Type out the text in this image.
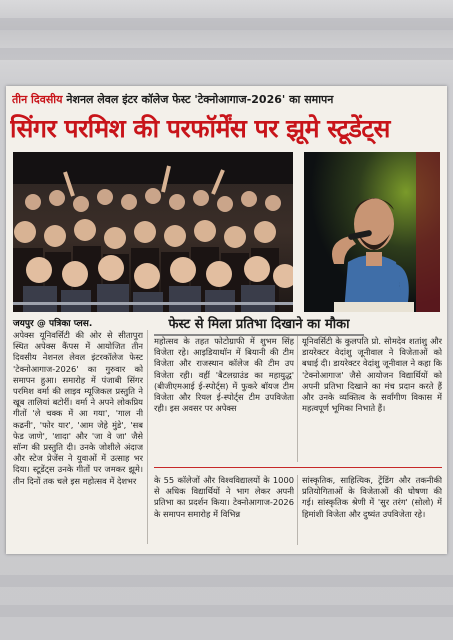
तीन दिवसीय नेशनल लेवल इंटर कॉलेज फेस्ट 'टेक्नोआगाज-2026' का समापन
सिंगर परमिश की परफॉर्मेंस पर झूमे स्टूडेंट्स
जयपुर @ पत्रिका प्लस.	फेस्ट से मिला प्रतिभा दिखाने का मौका

अपेक्स यूनिवर्सिटी की ओर से सीतापुरा स्थित अपेक्स कैंपस में आयोजित तीन दिवसीय नेशनल लेवल इंटरकॉलेज फेस्ट 'टेक्नोआगाज-2026' का गुरुवार को समापन हुआ। समारोह में पंजाबी सिंगर परमिश वर्मा की लाइव म्यूजिकल प्रस्तुति ने खूब तालियां बटोरीं। वर्मा ने अपने लोकप्रिय गीतों 'ले चक्क में आ गया', 'गाल नी कढनी', 'फोर यार', 'आम जेहे मुंडे', 'सब फेड जाणे', 'शादा' और 'जा वे जा' जैसे सॉन्ग की प्रस्तुति दी। उनके जोशीले अंदाज और स्टेज प्रेजेंस ने युवाओं में उत्साह भर दिया। स्टूडेंट्स उनके गीतों पर जमकर झूमे। तीन दिनों तक चले इस महोत्सव में देशभर

महोत्सव के तहत फोटोग्राफी में शुभम सिंह विजेता रहे। आइडियाथॉन में बियानी की टीम विजेता और राजस्थान कॉलेज की टीम उप विजेता रही। वहीं 'बैटलग्राउंड का महायुद्ध' (बीजीएमआई ई-स्पोर्ट्स) में फुकरे बॉयज टीम विजेता और रियल ई-स्पोर्ट्स टीम उपविजेता रही। इस अवसर पर अपेक्स

यूनिवर्सिटी के कुलपति प्रो. सोमदेव शतांशु और डायरेक्टर वेदांशु जूनीवाल ने विजेताओं को बधाई दी। डायरेक्टर वेदांशु जूनीवाल ने कहा कि 'टेक्नोआगाज' जैसे आयोजन विद्यार्थियों को अपनी प्रतिभा दिखाने का मंच प्रदान करते हैं और उनके व्यक्तित्व के सर्वांगीण विकास में महत्वपूर्ण भूमिका निभाते हैं।

के 55 कॉलेजों और विश्वविद्यालयों के 1000 से अधिक विद्यार्थियों ने भाग लेकर अपनी प्रतिभा का प्रदर्शन किया। टेक्नोआगाज-2026 के समापन समारोह में विभिन्न

सांस्कृतिक, साहित्यिक, ट्रेंडिंग और तकनीकी प्रतियोगिताओं के विजेताओं की घोषणा की गई। सांस्कृतिक श्रेणी में 'सुर तरंग' (सोलो) में हिमांशी विजेता और दुष्यंत उपविजेता रहे।
